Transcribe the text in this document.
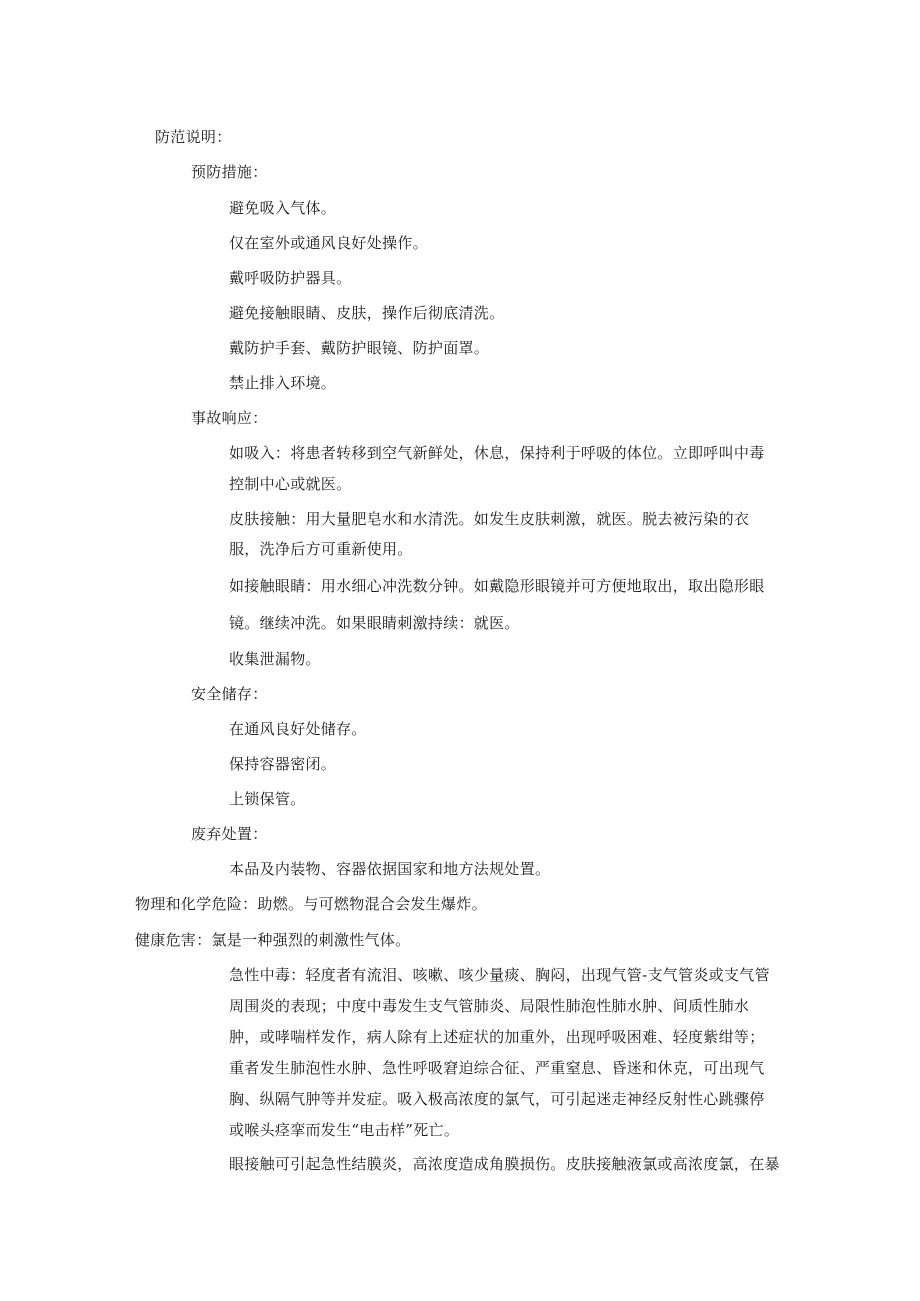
防范说明：
预防措施：
避免吸入气体。
仅在室外或通风良好处操作。
戴呼吸防护器具。
避免接触眼睛、皮肤，操作后彻底清洗。
戴防护手套、戴防护眼镜、防护面罩。
禁止排入环境。
事故响应：
如吸入：将患者转移到空气新鲜处，休息，保持利于呼吸的体位。立即呼叫中毒
控制中心或就医。
皮肤接触：用大量肥皂水和水清洗。如发生皮肤刺激，就医。脱去被污染的衣
服，洗净后方可重新使用。
如接触眼睛：用水细心冲洗数分钟。如戴隐形眼镜并可方便地取出，取出隐形眼
镜。继续冲洗。如果眼睛刺激持续：就医。
收集泄漏物。
安全储存：
在通风良好处储存。
保持容器密闭。
上锁保管。
废弃处置：
本品及内装物、容器依据国家和地方法规处置。
物理和化学危险：助燃。与可燃物混合会发生爆炸。
健康危害：氯是一种强烈的刺激性气体。
急性中毒：轻度者有流泪、咳嗽、咳少量痰、胸闷，出现气管-支气管炎或支气管
周围炎的表现；中度中毒发生支气管肺炎、局限性肺泡性肺水肿、间质性肺水
肿，或哮喘样发作，病人除有上述症状的加重外，出现呼吸困难、轻度紫绀等；
重者发生肺泡性水肿、急性呼吸窘迫综合征、严重窒息、昏迷和休克，可出现气
胸、纵隔气肿等并发症。吸入极高浓度的氯气，可引起迷走神经反射性心跳骤停
或喉头痉挛而发生“电击样”死亡。
眼接触可引起急性结膜炎，高浓度造成角膜损伤。皮肤接触液氯或高浓度氯，在暴
